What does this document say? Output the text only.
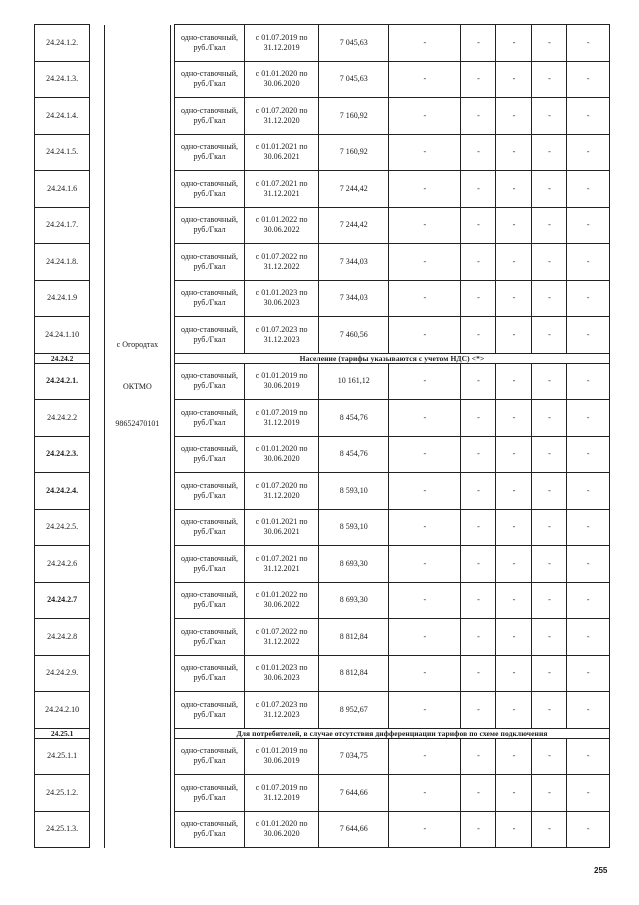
24.24.1.2.				одно-ставочный, руб./Гкал	с 01.07.2019 по 31.12.2019	7 045,63	-	-	-	-	-
24.24.1.3.				одно-ставочный, руб./Гкал	с 01.01.2020 по 30.06.2020	7 045,63	-	-	-	-	-
24.24.1.4.				одно-ставочный, руб./Гкал	с 01.07.2020 по 31.12.2020	7 160,92	-	-	-	-	-
24.24.1.5.				одно-ставочный, руб./Гкал	с 01.01.2021 по 30.06.2021	7 160,92	-	-	-	-	-
24.24.1.6				одно-ставочный, руб./Гкал	с 01.07.2021 по 31.12.2021	7 244,42	-	-	-	-	-
24.24.1.7.				одно-ставочный, руб./Гкал	с 01.01.2022 по 30.06.2022	7 244,42	-	-	-	-	-
24.24.1.8.				одно-ставочный, руб./Гкал	с 01.07.2022 по 31.12.2022	7 344,03	-	-	-	-	-
24.24.1.9				одно-ставочный, руб./Гкал	с 01.01.2023 по 30.06.2023	7 344,03	-	-	-	-	-
24.24.1.10		с Огородтах		одно-ставочный, руб./Гкал	с 01.07.2023 по 31.12.2023	7 460,56	-	-	-	-	-
24.24.2				Население (тарифы указываются с учетом НДС) <*>							
24.24.2.1.		ОКТМО		одно-ставочный, руб./Гкал	с 01.01.2019 по 30.06.2019	10 161,12	-	-	-	-	-
24.24.2.2		98652470101		одно-ставочный, руб./Гкал	с 01.07.2019 по 31.12.2019	8 454,76	-	-	-	-	-
24.24.2.3.				одно-ставочный, руб./Гкал	с 01.01.2020 по 30.06.2020	8 454,76	-	-	-	-	-
24.24.2.4.				одно-ставочный, руб./Гкал	с 01.07.2020 по 31.12.2020	8 593,10	-	-	-	-	-
24.24.2.5.				одно-ставочный, руб./Гкал	с 01.01.2021 по 30.06.2021	8 593,10	-	-	-	-	-
24.24.2.6				одно-ставочный, руб./Гкал	с 01.07.2021 по 31.12.2021	8 693,30	-	-	-	-	-
24.24.2.7				одно-ставочный, руб./Гкал	с 01.01.2022 по 30.06.2022	8 693,30	-	-	-	-	-
24.24.2.8				одно-ставочный, руб./Гкал	с 01.07.2022 по 31.12.2022	8 812,84	-	-	-	-	-
24.24.2.9.				одно-ставочный, руб./Гкал	с 01.01.2023 по 30.06.2023	8 812,84	-	-	-	-	-
24.24.2.10				одно-ставочный, руб./Гкал	с 01.07.2023 по 31.12.2023	8 952,67	-	-	-	-	-
24.25.1				Для потребителей, в случае отсутствия дифференциации тарифов по схеме подключения							
24.25.1.1				одно-ставочный, руб./Гкал	с 01.01.2019 по 30.06.2019	7 034,75	-	-	-	-	-
24.25.1.2.				одно-ставочный, руб./Гкал	с 01.07.2019 по 31.12.2019	7 644,66	-	-	-	-	-
24.25.1.3.				одно-ставочный, руб./Гкал	с 01.01.2020 по 30.06.2020	7 644,66	-	-	-	-	-
255
